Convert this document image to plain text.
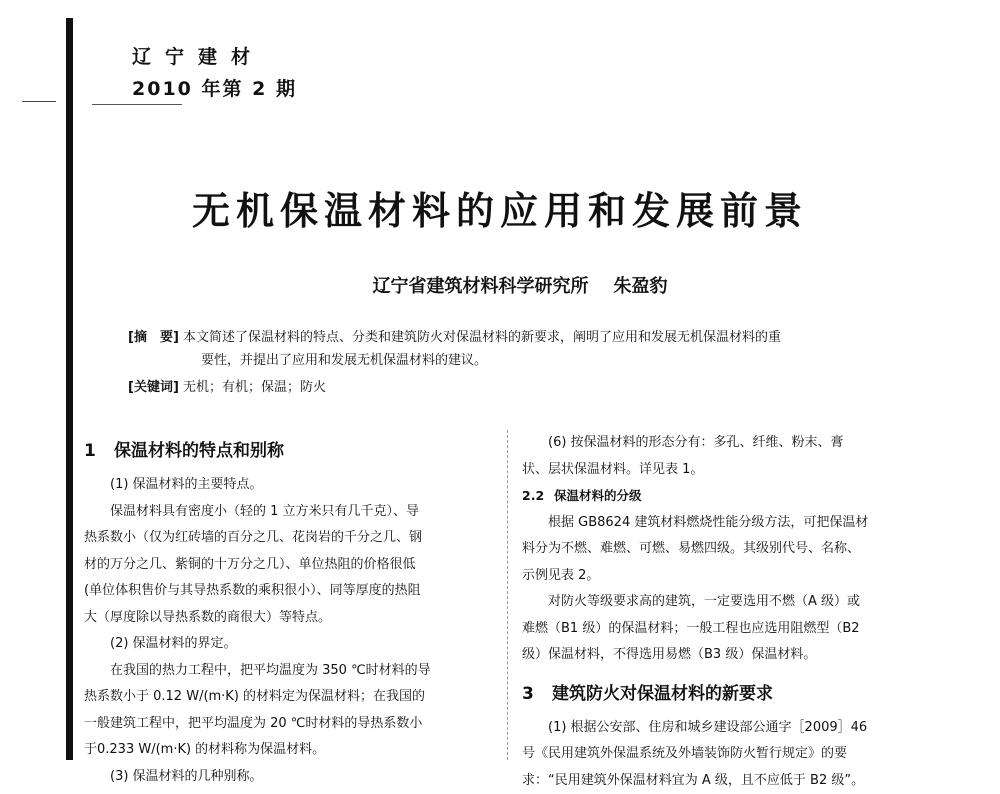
辽宁建材
2010 年第 2 期
无机保温材料的应用和发展前景
辽宁省建筑材料科学研究所    朱盈豹
[摘　要] 本文简述了保温材料的特点、分类和建筑防火对保温材料的新要求，阐明了应用和发展无机保温材料的重
要性，并提出了应用和发展无机保温材料的建议。
[关键词] 无机；有机；保温；防火
1 保温材料的特点和别称
(1) 保温材料的主要特点。
保温材料具有密度小（轻的 1 立方米只有几千克）、导
热系数小（仅为红砖墙的百分之几、花岗岩的千分之几、钢
材的万分之几、紫铜的十万分之几）、单位热阻的价格很低
(单位体积售价与其导热系数的乘积很小）、同等厚度的热阻
大（厚度除以导热系数的商很大）等特点。
(2) 保温材料的界定。
在我国的热力工程中，把平均温度为 350 ℃时材料的导
热系数小于 0.12 W/(m·K) 的材料定为保温材料；在我国的
一般建筑工程中，把平均温度为 20 ℃时材料的导热系数小
于0.233 W/(m·K) 的材料称为保温材料。
(3) 保温材料的几种别称。
(6) 按保温材料的形态分有：多孔、纤维、粉末、膏
状、层状保温材料。详见表 1。
2.2 保温材料的分级
根据 GB8624 建筑材料燃烧性能分级方法，可把保温材
料分为不燃、难燃、可燃、易燃四级。其级别代号、名称、
示例见表 2。
对防火等级要求高的建筑，一定要选用不燃（A 级）或
难燃（B1 级）的保温材料；一般工程也应选用阻燃型（B2
级）保温材料，不得选用易燃（B3 级）保温材料。
3 建筑防火对保温材料的新要求
(1) 根据公安部、住房和城乡建设部公通字［2009］46
号《民用建筑外保温系统及外墙装饰防火暂行规定》的要
求：“民用建筑外保温材料宜为 A 级，且不应低于 B2 级”。
